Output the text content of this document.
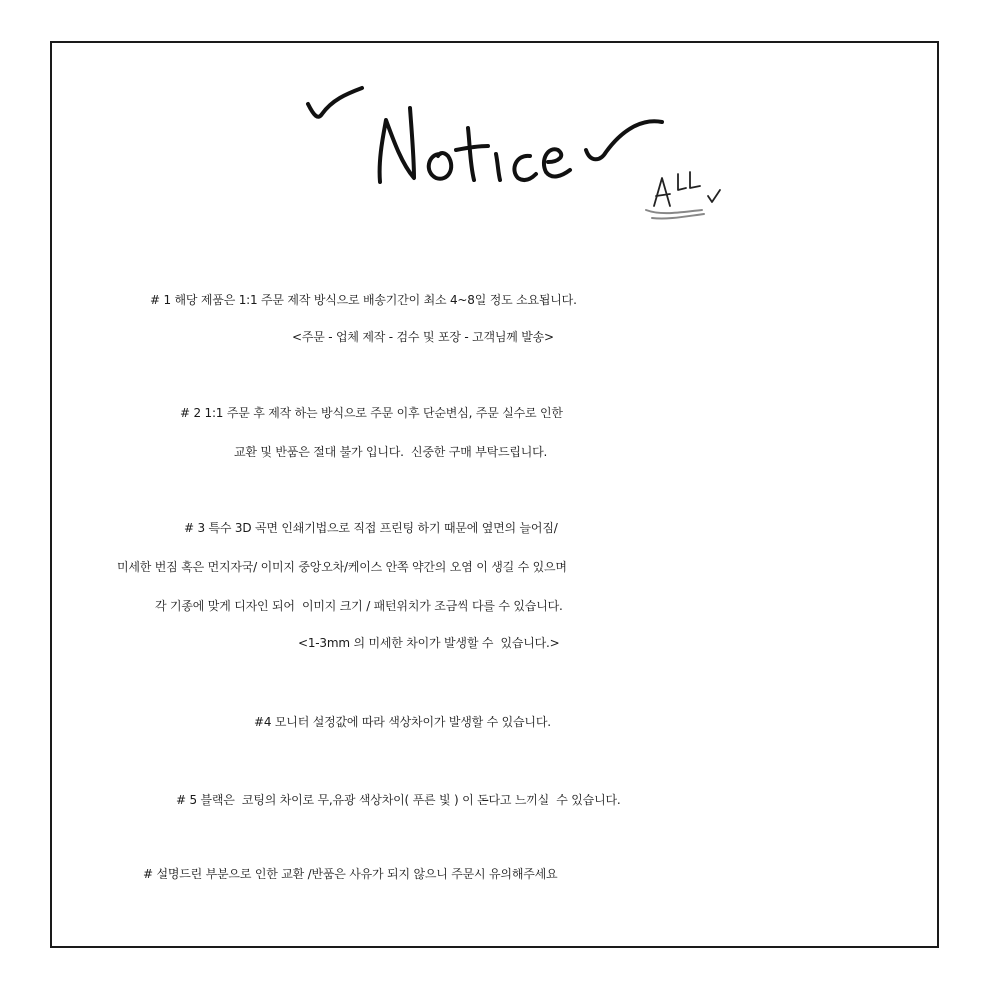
# 1 해당 제품은 1:1 주문 제작 방식으로 배송기간이 최소 4~8일 정도 소요됩니다.
<주문 - 업체 제작 - 검수 및 포장 - 고객님께 발송>
# 2 1:1 주문 후 제작 하는 방식으로 주문 이후 단순변심, 주문 실수로 인한
교환 및 반품은 절대 불가 입니다.  신중한 구매 부탁드립니다.
# 3 특수 3D 곡면 인쇄기법으로 직접 프린팅 하기 때문에 옆면의 늘어짐/
미세한 번짐 혹은 먼지자국/ 이미지 중앙오차/케이스 안쪽 약간의 오염 이 생길 수 있으며
각 기종에 맞게 디자인 되어  이미지 크기 / 패턴위치가 조금씩 다를 수 있습니다.
<1-3mm 의 미세한 차이가 발생할 수  있습니다.>
#4 모니터 설정값에 따라 색상차이가 발생할 수 있습니다.
# 5 블랙은  코팅의 차이로 무,유광 색상차이( 푸른 빛 ) 이 돈다고 느끼실  수 있습니다.
# 설명드린 부분으로 인한 교환 /반품은 사유가 되지 않으니 주문시 유의해주세요
